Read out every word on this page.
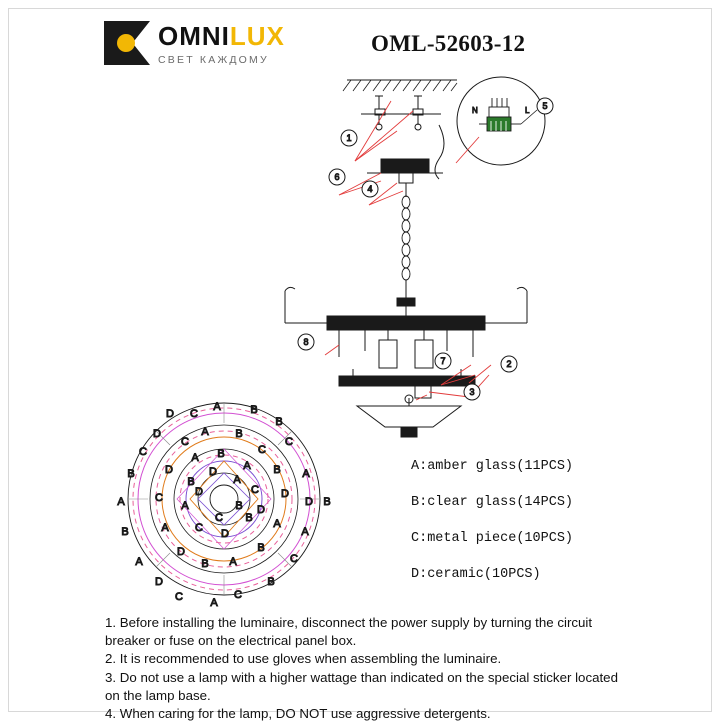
OMNILUX
СВЕТ КАЖДОМУ
OML-52603-12
1
2
3
4
5
6
7
8
N	L
A	B
D C
B
C
A
D B
A
C
B
C
A
C
D
A
B
A
B
C
D	A B
C
C
B
D
A
B
A
B
D
A
C
D
A B
A
C
B
D
C
A
B
D
A
B
C
D
D
A:amber glass(11PCS)
B:clear glass(14PCS)
C:metal piece(10PCS)
D:ceramic(10PCS)

1. Before installing the luminaire, disconnect the power supply by turning the circuit breaker or fuse on the electrical panel box.

2. It is recommended to use gloves when assembling the luminaire.

3. Do not use a lamp with a higher wattage than indicated on the special sticker located on the lamp base.

4. When caring for the lamp, DO NOT use aggressive detergents.
